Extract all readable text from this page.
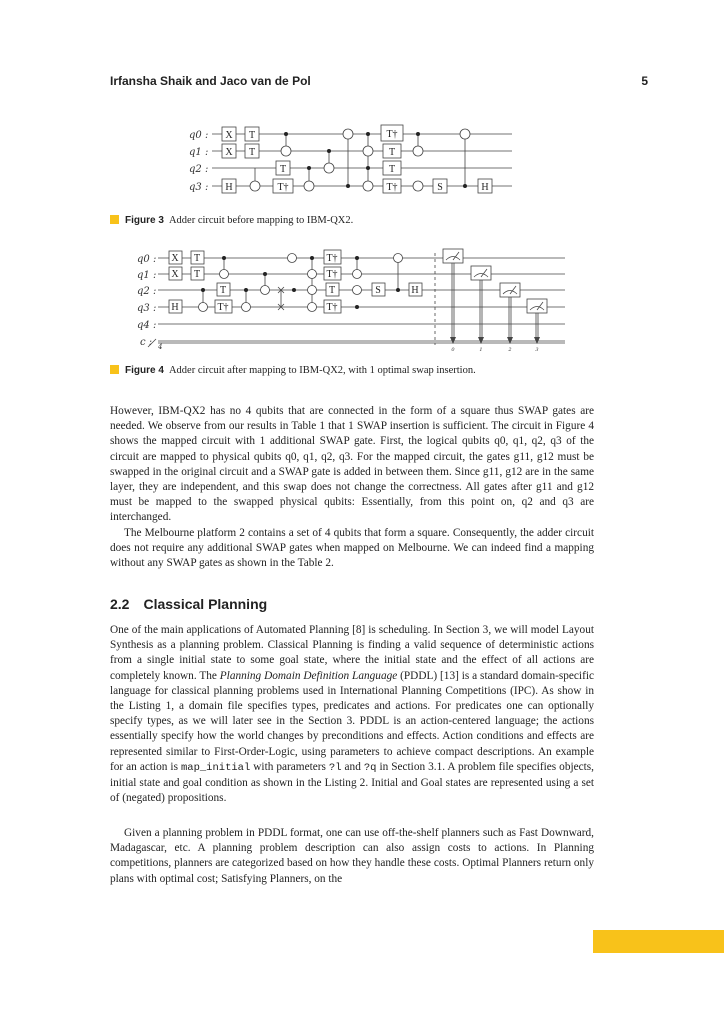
Irfansha Shaik and Jaco van de Pol	5
q0 :
q1 :
q2 :
q3 :
X T
X T
T
T†
H
T†
T
T
T†	S	H
Figure 3 Adder circuit before mapping to IBM-QX2.
q0 :
q1 :
q2 :
q3 :
q4 :
c : 4
X T
X T
T
H	T†
T†
T†
T
T†
S	H
0	1	2	3
Figure 4 Adder circuit after mapping to IBM-QX2, with 1 optimal swap insertion.

However, IBM-QX2 has no 4 qubits that are connected in the form of a square thus SWAP gates are needed. We observe from our results in Table 1 that 1 SWAP insertion is sufficient. The circuit in Figure 4 shows the mapped circuit with 1 additional SWAP gate. First, the logical qubits q0, q1, q2, q3 of the circuit are mapped to physical qubits q0, q1, q2, q3. For the mapped circuit, the gates g11, g12 must be swapped in the original circuit and a SWAP gate is added in between them. Since g11, g12 are in the same layer, they are independent, and this swap does not change the correctness. All gates after g11 and g12 must be mapped to the swapped physical qubits: Essentially, from this point on, q2 and q3 are interchanged.

The Melbourne platform 2 contains a set of 4 qubits that form a square. Consequently, the adder circuit does not require any additional SWAP gates when mapped on Melbourne. We can indeed find a mapping without any SWAP gates as shown in the Table 2.

2.2 Classical Planning

One of the main applications of Automated Planning [8] is scheduling. In Section 3, we will model Layout Synthesis as a planning problem. Classical Planning is finding a valid sequence of deterministic actions from a single initial state to some goal state, where the initial state and the effect of all actions are completely known. The Planning Domain Definition Language (PDDL) [13] is a standard domain-specific language for classical planning problems used in International Planning Competitions (IPC). As show in the Listing 1, a domain file specifies types, predicates and actions. For predicates one can optionally specify types, as we will later see in the Section 3. PDDL is an action-centered language; the actions essentially specify how the world changes by preconditions and effects. Action conditions and effects are represented similar to First-Order-Logic, using parameters to achieve compact descriptions. An example for an action is map_initial with parameters ?l and ?q in Section 3.1. A problem file specifies objects, initial state and goal condition as shown in the Listing 2. Initial and Goal states are represented using a set of (negated) propositions.

Given a planning problem in PDDL format, one can use off-the-shelf planners such as Fast Downward, Madagascar, etc. A planning problem description can also assign costs to actions. In Planning competitions, planners are categorized based on how they handle these costs. Optimal Planners return only plans with optimal cost; Satisfying Planners, on the
